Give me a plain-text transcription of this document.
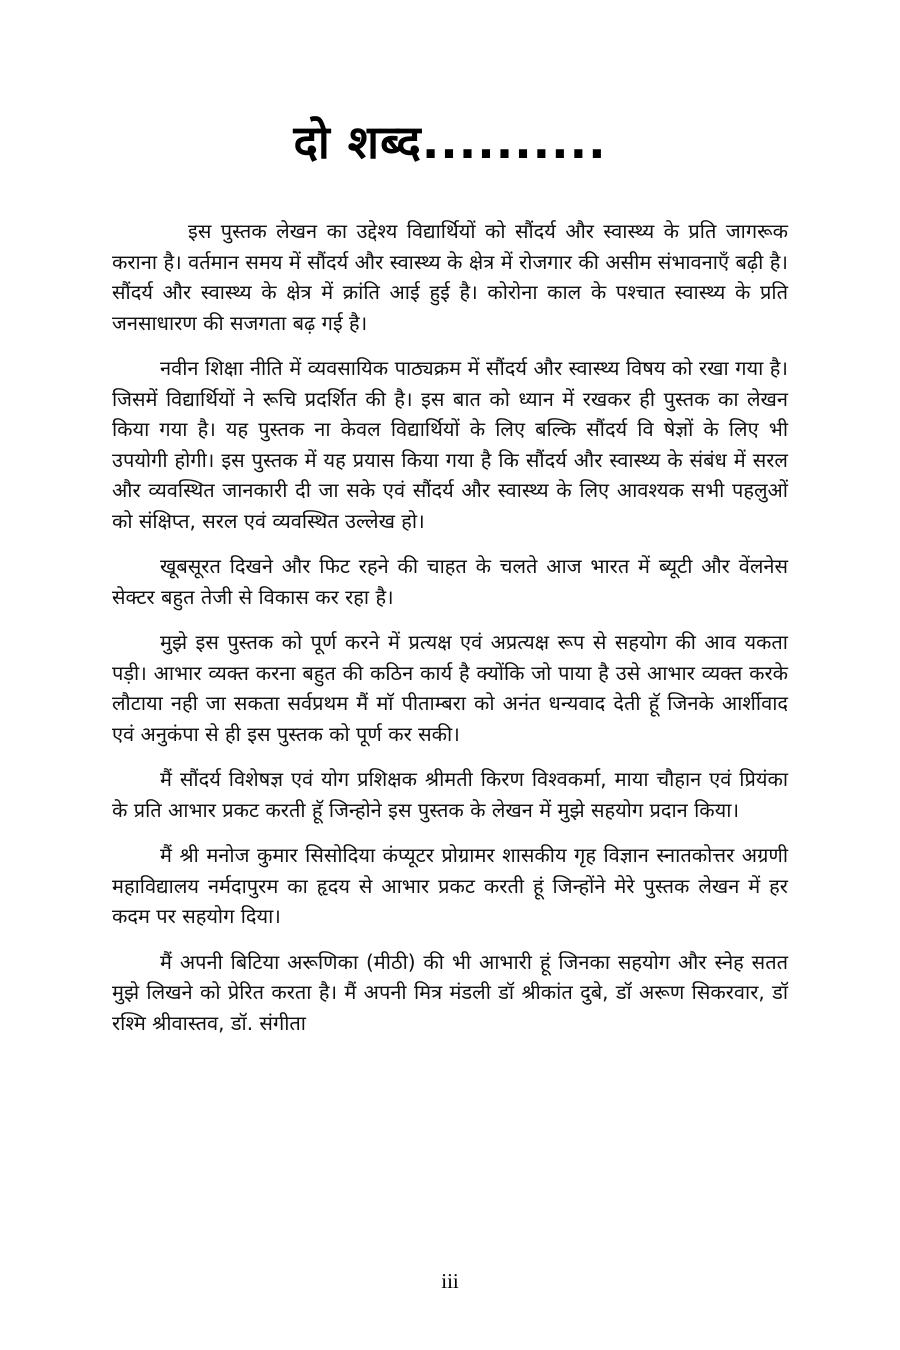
दो शब्द..........

इस पुस्तक लेखन का उद्देश्य विद्यार्थियों को सौंदर्य और स्वास्थ्य के प्रति जागरूक कराना है। वर्तमान समय में सौंदर्य और स्वास्थ्य के क्षेत्र में रोजगार की असीम संभावनाएँ बढ़ी है। सौंदर्य और स्वास्थ्य के क्षेत्र में क्रांति आई हुई है। कोरोना काल के पश्चात स्वास्थ्य के प्रति जनसाधारण की सजगता बढ़ गई है।

नवीन शिक्षा नीति में व्यवसायिक पाठ्यक्रम में सौंदर्य और स्वास्थ्य विषय को रखा गया है। जिसमें विद्यार्थियों ने रूचि प्रदर्शित की है। इस बात को ध्यान में रखकर ही पुस्तक का लेखन किया गया है। यह पुस्तक ना केवल विद्यार्थियों के लिए बल्कि सौंदर्य वि षेज्ञों के लिए भी उपयोगी होगी। इस पुस्तक में यह प्रयास किया गया है कि सौंदर्य और स्वास्थ्य के संबंध में सरल और व्यवस्थित जानकारी दी जा सके एवं सौंदर्य और स्वास्थ्य के लिए आवश्यक सभी पहलुओं को संक्षिप्त, सरल एवं व्यवस्थित उल्लेख हो।

खूबसूरत दिखने और फिट रहने की चाहत के चलते आज भारत में ब्यूटी और वेंलनेस सेक्टर बहुत तेजी से विकास कर रहा है।

मुझे इस पुस्तक को पूर्ण करने में प्रत्यक्ष एवं अप्रत्यक्ष रूप से सहयोग की आव यकता पड़ी। आभार व्यक्त करना बहुत की कठिन कार्य है क्योंकि जो पाया है उसे आभार व्यक्त करके लौटाया नही जा सकता सर्वप्रथम मैं माॅ पीताम्बरा को अनंत धन्यवाद देती हूॅ जिनके आर्शीवाद एवं अनुकंपा से ही इस पुस्तक को पूर्ण कर सकी।

मैं सौंदर्य विशेषज्ञ एवं योग प्रशिक्षक श्रीमती किरण विश्वकर्मा, माया चौहान एवं प्रियंका के प्रति आभार प्रकट करती हूॅ जिन्होने इस पुस्तक के लेखन में मुझे सहयोग प्रदान किया।

मैं श्री मनोज कुमार सिसोदिया कंप्यूटर प्रोग्रामर शासकीय गृह विज्ञान स्नातकोत्तर अग्रणी महाविद्यालय नर्मदापुरम का हृदय से आभार प्रकट करती हूं जिन्होंने मेरे पुस्तक लेखन में हर कदम पर सहयोग दिया।

मैं अपनी बिटिया अरूणिका (मीठी) की भी आभारी हूं जिनका सहयोग और स्नेह सतत मुझे लिखने को प्रेरित करता है। मैं अपनी मित्र मंडली डॉ श्रीकांत दुबे, डॉ अरूण सिकरवार, डॉ रश्मि श्रीवास्तव, डॉ. संगीता

iii
